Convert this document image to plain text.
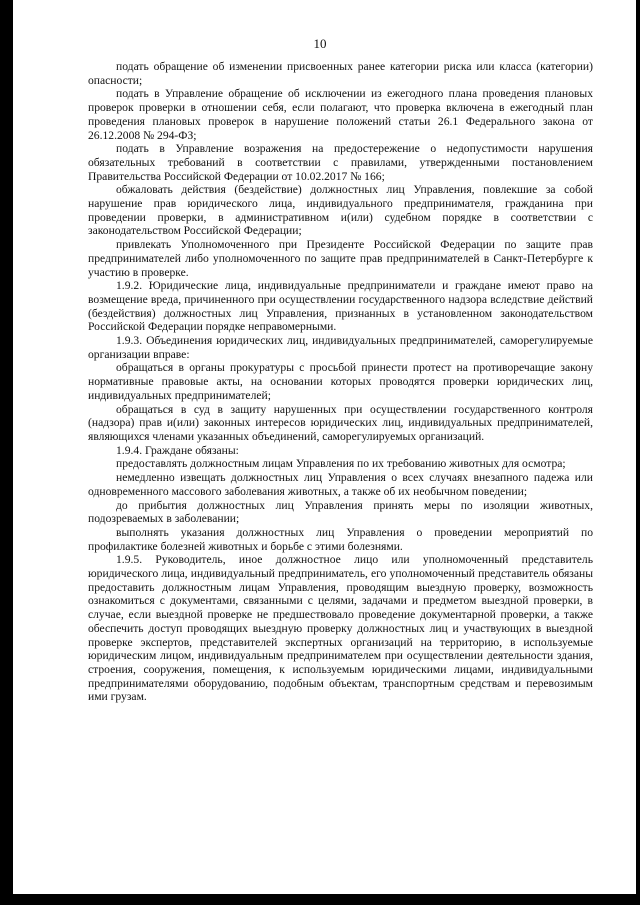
10

подать обращение об изменении присвоенных ранее категории риска или класса (категории) опасности;

подать в Управление обращение об исключении из ежегодного плана проведения плановых проверок проверки в отношении себя, если полагают, что проверка включена в ежегодный план проведения плановых проверок в нарушение положений статьи 26.1 Федерального закона от 26.12.2008 № 294-ФЗ;

подать в Управление возражения на предостережение о недопустимости нарушения обязательных требований в соответствии с правилами, утвержденными постановлением Правительства Российской Федерации от 10.02.2017 № 166;

обжаловать действия (бездействие) должностных лиц Управления, повлекшие за собой нарушение прав юридического лица, индивидуального предпринимателя, гражданина при проведении проверки, в административном и(или) судебном порядке в соответствии с законодательством Российской Федерации;

привлекать Уполномоченного при Президенте Российской Федерации по защите прав предпринимателей либо уполномоченного по защите прав предпринимателей в Санкт-Петербурге к участию в проверке.

1.9.2. Юридические лица, индивидуальные предприниматели и граждане имеют право на возмещение вреда, причиненного при осуществлении государственного надзора вследствие действий (бездействия) должностных лиц Управления, признанных в установленном законодательством Российской Федерации порядке неправомерными.

1.9.3. Объединения юридических лиц, индивидуальных предпринимателей, саморегулируемые организации вправе:

обращаться в органы прокуратуры с просьбой принести протест на противоречащие закону нормативные правовые акты, на основании которых проводятся проверки юридических лиц, индивидуальных предпринимателей;

обращаться в суд в защиту нарушенных при осуществлении государственного контроля (надзора) прав и(или) законных интересов юридических лиц, индивидуальных предпринимателей, являющихся членами указанных объединений, саморегулируемых организаций.

1.9.4. Граждане обязаны:

предоставлять должностным лицам Управления по их требованию животных для осмотра;

немедленно извещать должностных лиц Управления о всех случаях внезапного падежа или одновременного массового заболевания животных, а также об их необычном поведении;

до прибытия должностных лиц Управления принять меры по изоляции животных, подозреваемых в заболевании;

выполнять указания должностных лиц Управления о проведении мероприятий по профилактике болезней животных и борьбе с этими болезнями.

1.9.5. Руководитель, иное должностное лицо или уполномоченный представитель юридического лица, индивидуальный предприниматель, его уполномоченный представитель обязаны предоставить должностным лицам Управления, проводящим выездную проверку, возможность ознакомиться с документами, связанными с целями, задачами и предметом выездной проверки, в случае, если выездной проверке не предшествовало проведение документарной проверки, а также обеспечить доступ проводящих выездную проверку должностных лиц и участвующих в выездной проверке экспертов, представителей экспертных организаций на территорию, в используемые юридическим лицом, индивидуальным предпринимателем при осуществлении деятельности здания, строения, сооружения, помещения, к используемым юридическими лицами, индивидуальными предпринимателями оборудованию, подобным объектам, транспортным средствам и перевозимым ими грузам.
